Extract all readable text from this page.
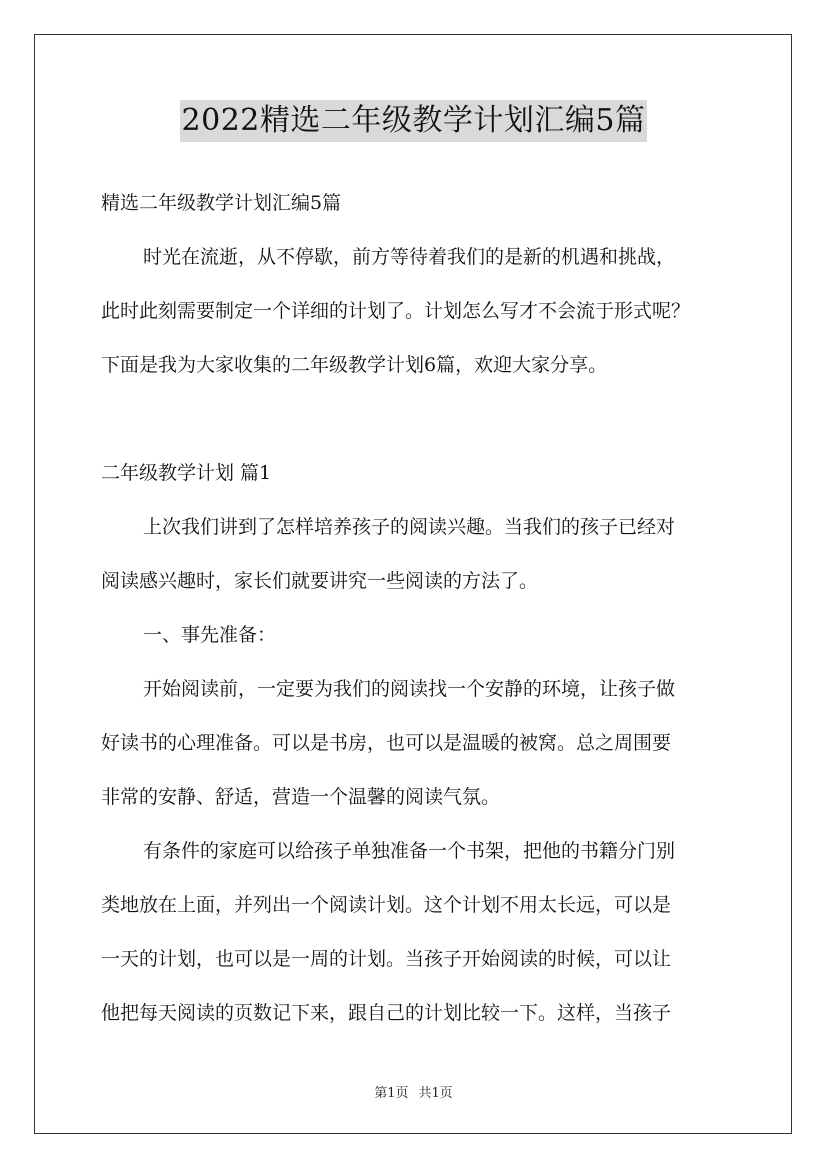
2022精选二年级教学计划汇编5篇
精选二年级教学计划汇编5篇
时光在流逝，从不停歇，前方等待着我们的是新的机遇和挑战，
此时此刻需要制定一个详细的计划了。计划怎么写才不会流于形式呢？
下面是我为大家收集的二年级教学计划6篇，欢迎大家分享。
二年级教学计划 篇1
上次我们讲到了怎样培养孩子的阅读兴趣。当我们的孩子已经对
阅读感兴趣时，家长们就要讲究一些阅读的方法了。
一、事先准备：
开始阅读前，一定要为我们的阅读找一个安静的环境，让孩子做
好读书的心理准备。可以是书房，也可以是温暖的被窝。总之周围要
非常的安静、舒适，营造一个温馨的阅读气氛。
有条件的家庭可以给孩子单独准备一个书架，把他的书籍分门别
类地放在上面，并列出一个阅读计划。这个计划不用太长远，可以是
一天的计划，也可以是一周的计划。当孩子开始阅读的时候，可以让
他把每天阅读的页数记下来，跟自己的计划比较一下。这样，当孩子
第1页 共1页
